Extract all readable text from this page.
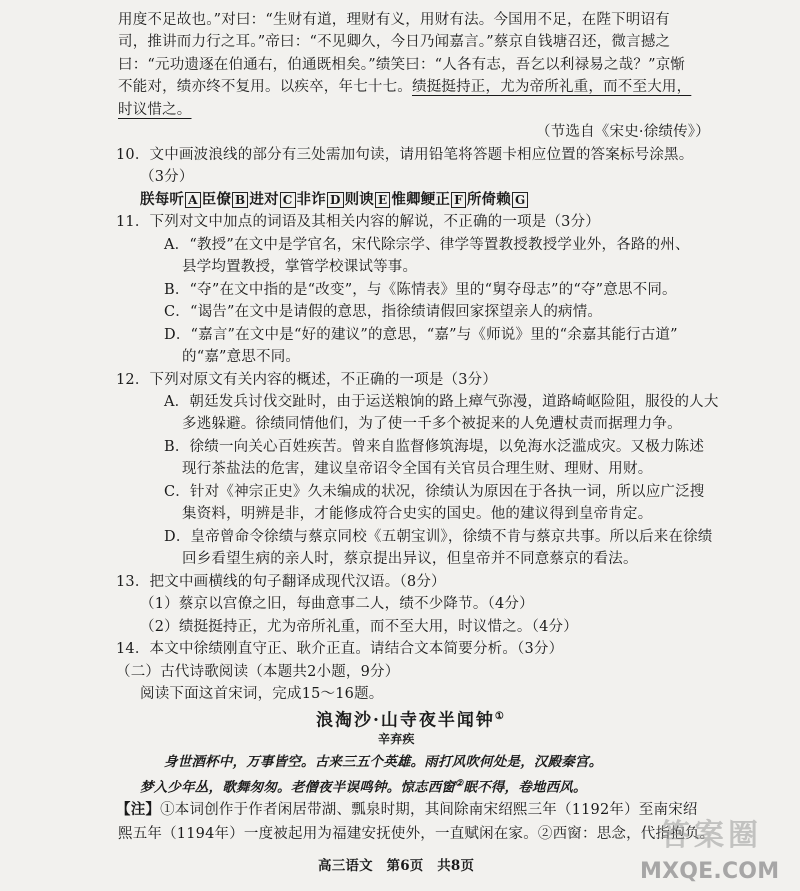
用度不足故也。”对曰：“生财有道，理财有义，用财有法。今国用不足，在陛下明诏有
司，推讲而力行之耳。”帝曰：“不见卿久，今日乃闻嘉言。”蔡京自钱塘召还，微言撼之
曰：“元功遗逐在伯通右，伯通既相矣。”绩笑曰：“人各有志，吾乞以利禄易之哉？”京惭
不能对，绩亦终不复用。以疾卒，年七十七。绩挺挺持正，尤为帝所礼重，而不至大用，
时议惜之。
（节选自《宋史·徐绩传》）
10．文中画波浪线的部分有三处需加句读，请用铅笔将答题卡相应位置的答案标号涂黑。
（3分）
朕每听 A 臣僚 B 进对 C 非诈 D 则谀 E 惟卿鲠正 F 所倚赖 G
11．下列对文中加点的词语及其相关内容的解说，不正确的一项是（3分）
A．“教授”在文中是学官名，宋代除宗学、律学等置教授教授学业外，各路的州、
县学均置教授，掌管学校课试等事。
B．“夺”在文中指的是“改变”，与《陈情表》里的“舅夺母志”的“夺”意思不同。
C．“谒告”在文中是请假的意思，指徐绩请假回家探望亲人的病情。
D．“嘉言”在文中是“好的建议”的意思，“嘉”与《师说》里的“余嘉其能行古道”
的“嘉”意思不同。
12．下列对原文有关内容的概述，不正确的一项是（3分）
A．朝廷发兵讨伐交趾时，由于运送粮饷的路上瘴气弥漫，道路崎岖险阻，服役的人大
多逃躲避。徐绩同情他们，为了使一千多个被捉来的人免遭杖责而据理力争。
B．徐绩一向关心百姓疾苦。曾来自监督修筑海堤，以免海水泛滥成灾。又极力陈述
现行茶盐法的危害，建议皇帝诏令全国有关官员合理生财、理财、用财。
C．针对《神宗正史》久未编成的状况，徐绩认为原因在于各执一词，所以应广泛搜
集资料，明辨是非，才能修成符合史实的国史。他的建议得到皇帝肯定。
D．皇帝曾命令徐绩与蔡京同校《五朝宝训》，徐绩不肯与蔡京共事。所以后来在徐绩
回乡看望生病的亲人时，蔡京提出异议，但皇帝并不同意蔡京的看法。
13．把文中画横线的句子翻译成现代汉语。（8分）
（1）蔡京以宫僚之旧，每曲意事二人，绩不少降节。（4分）
（2）绩挺挺持正，尤为帝所礼重，而不至大用，时议惜之。（4分）
14．本文中徐绩刚直守正、耿介正直。请结合文本简要分析。（3分）
（二）古代诗歌阅读（本题共2小题，9分）
阅读下面这首宋词，完成15～16题。
浪淘沙·山寺夜半闻钟①
辛弃疾
身世酒杯中，万事皆空。古来三五个英雄。雨打风吹何处是，汉殿秦宫。
梦入少年丛，歌舞匆匆。老僧夜半误鸣钟。惊志西窗②眠不得，卷地西风。
【注】①本词创作于作者闲居带湖、瓢泉时期，其间除南宋绍熙三年（1192年）至南宋绍
熙五年（1194年）一度被起用为福建安抚使外，一直赋闲在家。②西窗：思念，代指抱负。
高三语文　第6页　共8页	MXQE.COM
答案圈
